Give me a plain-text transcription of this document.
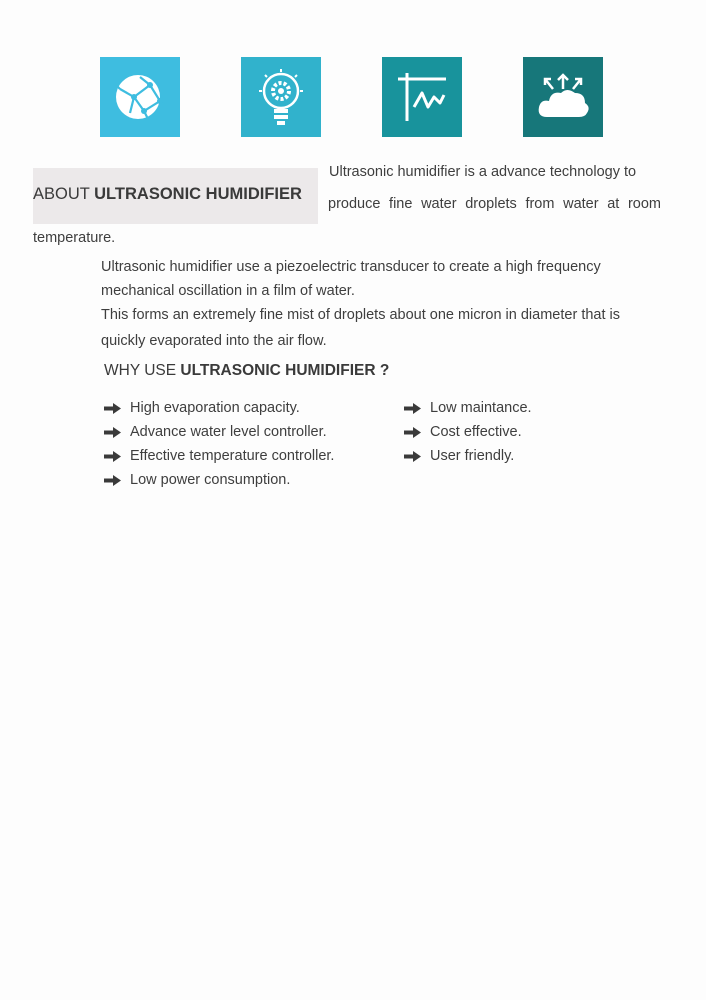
ABOUT ULTRASONIC HUMIDIFIER
Ultrasonic humidifier is a advance technology to
produce fine water droplets from water at room
temperature.
Ultrasonic humidifier use a piezoelectric transducer to create a high frequency
mechanical oscillation in a film of water.
This forms an extremely fine mist of droplets about one micron in diameter that is
quickly evaporated into the air flow.
WHY USE ULTRASONIC HUMIDIFIER ?
High evaporation capacity.
Advance water level controller.
Effective temperature controller.
Low power consumption.
Low maintance.
Cost effective.
User friendly.
